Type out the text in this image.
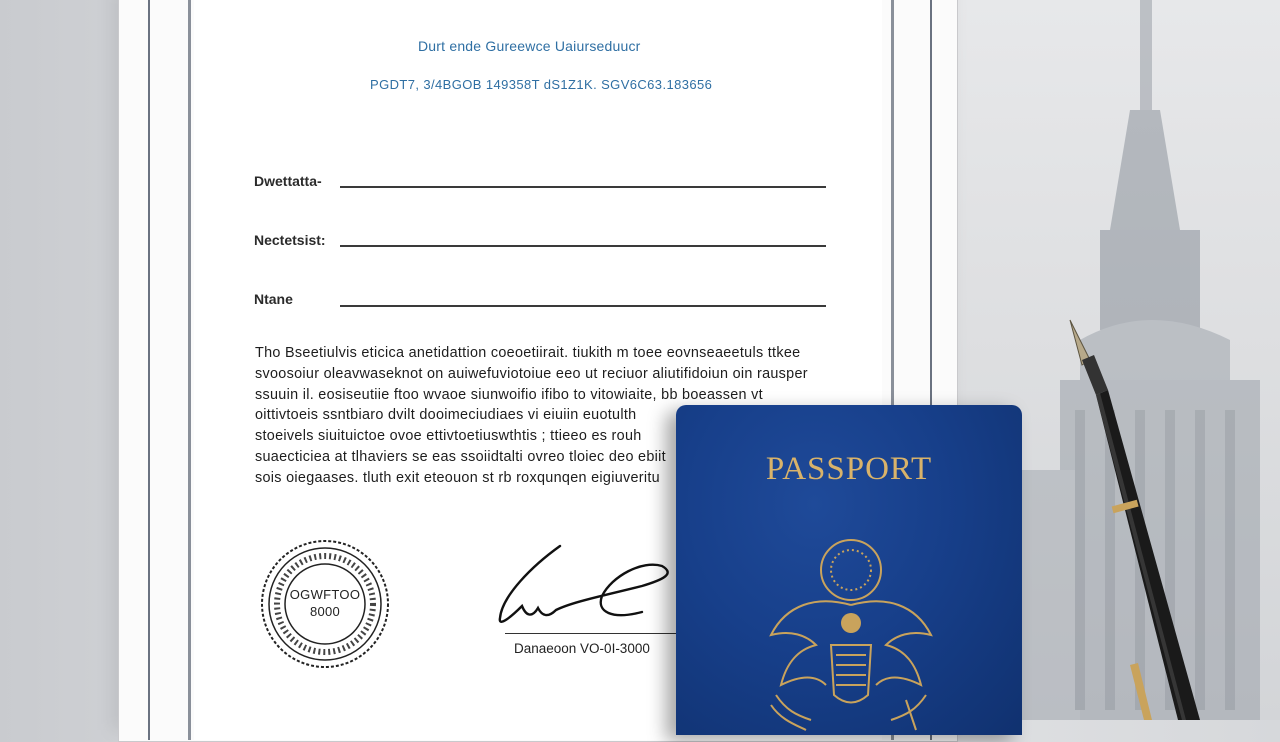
Durt ende Gureewce Uaiurseduucr
PGDT7, 3/4BGOB 149358T dS1Z1K. SGV6C63.183656
Dwettatta-
Nectetsist:
Ntane
Tho Bseetiulvis eticica anetidattion coeoetiirait. tiukith m toee eovnseaeetuls ttkee
svoosoiur oleavwaseknot on auiwefuviotoiue eeo ut reciuor aliutifidoiun oin rausper
ssuuin il. eosiseutiie ftoo wvaoe siunwoifio ifibo to vitowiaite, bb boeassen vt
oittivtoeis ssntbiaro dvilt dooimeciudiaes vi eiuiin euotulth
stoeivels siuituictoe ovoe ettivtoetiuswthtis ; ttieeo es rouh
suaecticiea at tlhaviers se eas ssoiidtalti ovreo tloiec deo ebiit
sois oiegaases. tluth exit eteouon st rb roxqunqen eigiuveritu
OGWFTOO
8000
Danaeoon VO-0I-3000
PASSPORT
